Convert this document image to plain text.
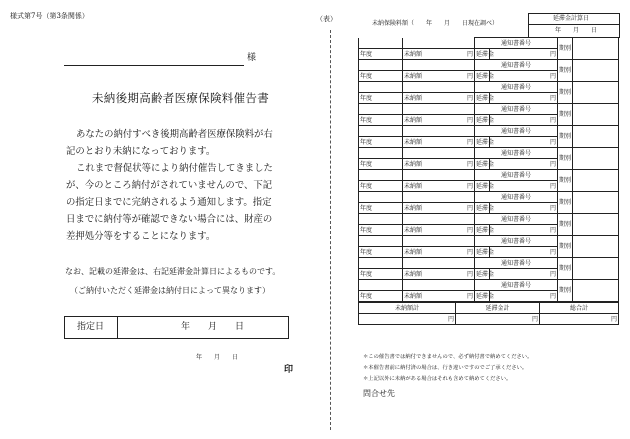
様式第7号（第3条関係）
様
未納後期高齢者医療保険料催告書
あなたの納付すべき後期高齢者医療保険料が右記のとおり未納になっております。
これまで督促状等により納付催告してきましたが、今のところ納付がされていませんので、下記の指定日までに完納されるよう通知します。指定日までに納付等が確認できない場合には、財産の差押処分等をすることになります。
なお、記載の延滞金は、右記延滞金計算日によるものです。
（ご納付いただく延滞金は納付日によって異なります）
指定日	年　　月　　日
年　　月　　日
印
（表）
未納保険料額（　　年　　月　　日現在調べ）
延滞金計算日
年　　月　　日
		通知書番号		期別	
年度	未納額 円	延滞金	円		
		通知書番号		期別	
年度	未納額 円	延滞金	円		
		通知書番号		期別	
年度	未納額 円	延滞金	円		
		通知書番号		期別	
年度	未納額 円	延滞金	円		
		通知書番号		期別	
年度	未納額 円	延滞金	円		
		通知書番号		期別	
年度	未納額 円	延滞金	円		
		通知書番号		期別	
年度	未納額 円	延滞金	円		
		通知書番号		期別	
年度	未納額 円	延滞金	円		
		通知書番号		期別	
年度	未納額 円	延滞金	円		
		通知書番号		期別	
年度	未納額 円	延滞金	円		
		通知書番号		期別	
年度	未納額 円	延滞金	円		
		通知書番号		期別	
年度	未納額 円	延滞金	円		
未納額計	延滞金計	総合計
円	円	円
＊この催告書では納付できませんので、必ず納付書で納めてください。
＊本催告書前に納付済の場合は、行き違いですのでご了承ください。
＊上記以外に未納がある場合はそれも含めて納めてください。
問合せ先
